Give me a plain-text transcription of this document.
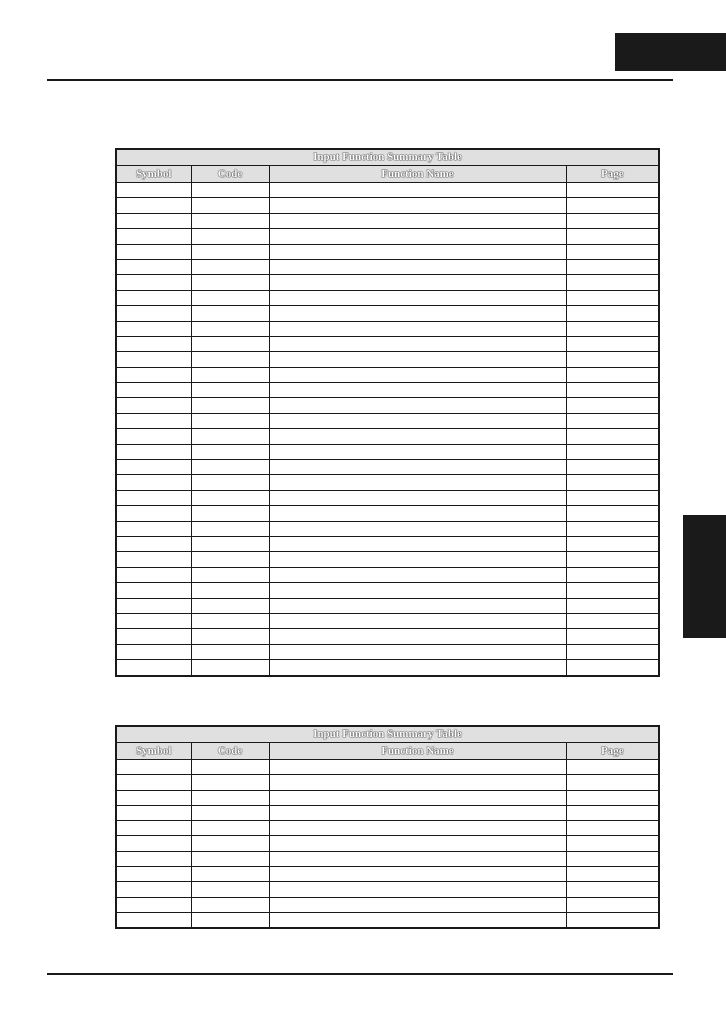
Input Function Summary Table			
Symbol	Code	Function Name	Page

Input Function Summary Table			
Symbol	Code	Function Name	Page
